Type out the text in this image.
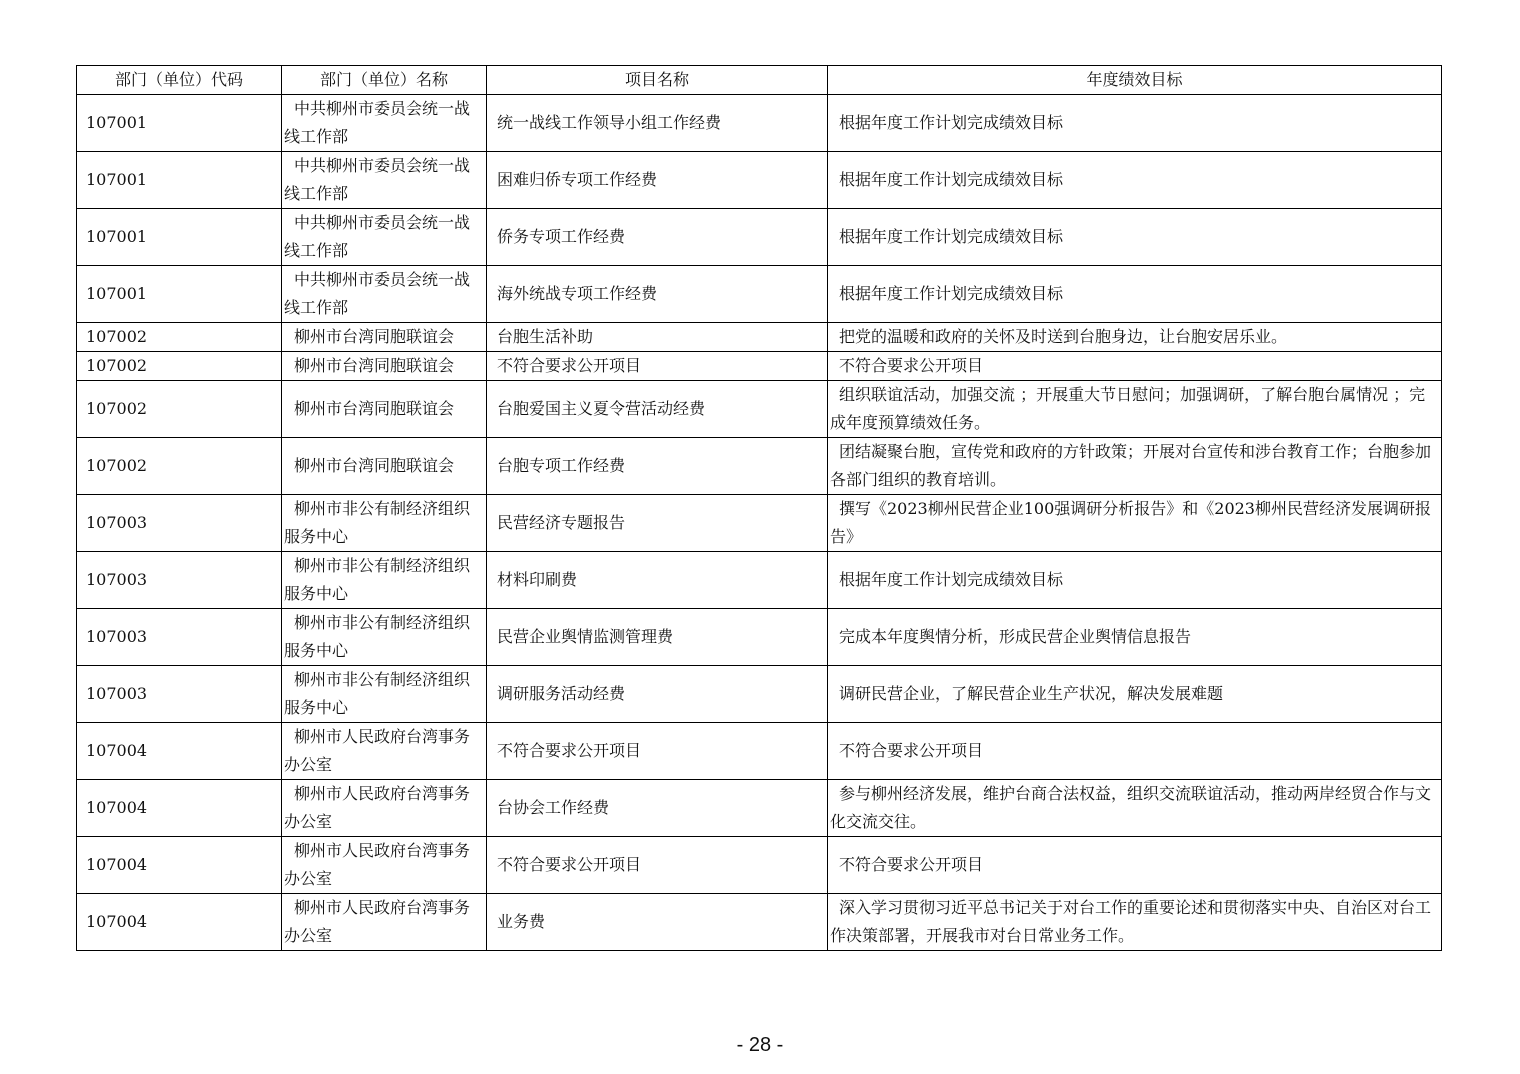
部门（单位）代码	部门（单位）名称	项目名称	年度绩效目标
107001	中共柳州市委员会统一战线工作部	统一战线工作领导小组工作经费	根据年度工作计划完成绩效目标
107001	中共柳州市委员会统一战线工作部	困难归侨专项工作经费	根据年度工作计划完成绩效目标
107001	中共柳州市委员会统一战线工作部	侨务专项工作经费	根据年度工作计划完成绩效目标
107001	中共柳州市委员会统一战线工作部	海外统战专项工作经费	根据年度工作计划完成绩效目标
107002	柳州市台湾同胞联谊会	台胞生活补助	把党的温暖和政府的关怀及时送到台胞身边，让台胞安居乐业。
107002	柳州市台湾同胞联谊会	不符合要求公开项目	不符合要求公开项目
107002	柳州市台湾同胞联谊会	台胞爱国主义夏令营活动经费	组织联谊活动，加强交流 ；开展重大节日慰问；加强调研，了解台胞台属情况 ；完成年度预算绩效任务。
107002	柳州市台湾同胞联谊会	台胞专项工作经费	团结凝聚台胞，宣传党和政府的方针政策；开展对台宣传和涉台教育工作；台胞参加各部门组织的教育培训。
107003	柳州市非公有制经济组织服务中心	民营经济专题报告	撰写《2023柳州民营企业100强调研分析报告》和《2023柳州民营经济发展调研报告》
107003	柳州市非公有制经济组织服务中心	材料印刷费	根据年度工作计划完成绩效目标
107003	柳州市非公有制经济组织服务中心	民营企业舆情监测管理费	完成本年度舆情分析，形成民营企业舆情信息报告
107003	柳州市非公有制经济组织服务中心	调研服务活动经费	调研民营企业，了解民营企业生产状况，解决发展难题
107004	柳州市人民政府台湾事务办公室	不符合要求公开项目	不符合要求公开项目
107004	柳州市人民政府台湾事务办公室	台协会工作经费	参与柳州经济发展，维护台商合法权益，组织交流联谊活动，推动两岸经贸合作与文化交流交往。
107004	柳州市人民政府台湾事务办公室	不符合要求公开项目	不符合要求公开项目
107004	柳州市人民政府台湾事务办公室	业务费	深入学习贯彻习近平总书记关于对台工作的重要论述和贯彻落实中央、自治区对台工作决策部署，开展我市对台日常业务工作。
- 28 -
